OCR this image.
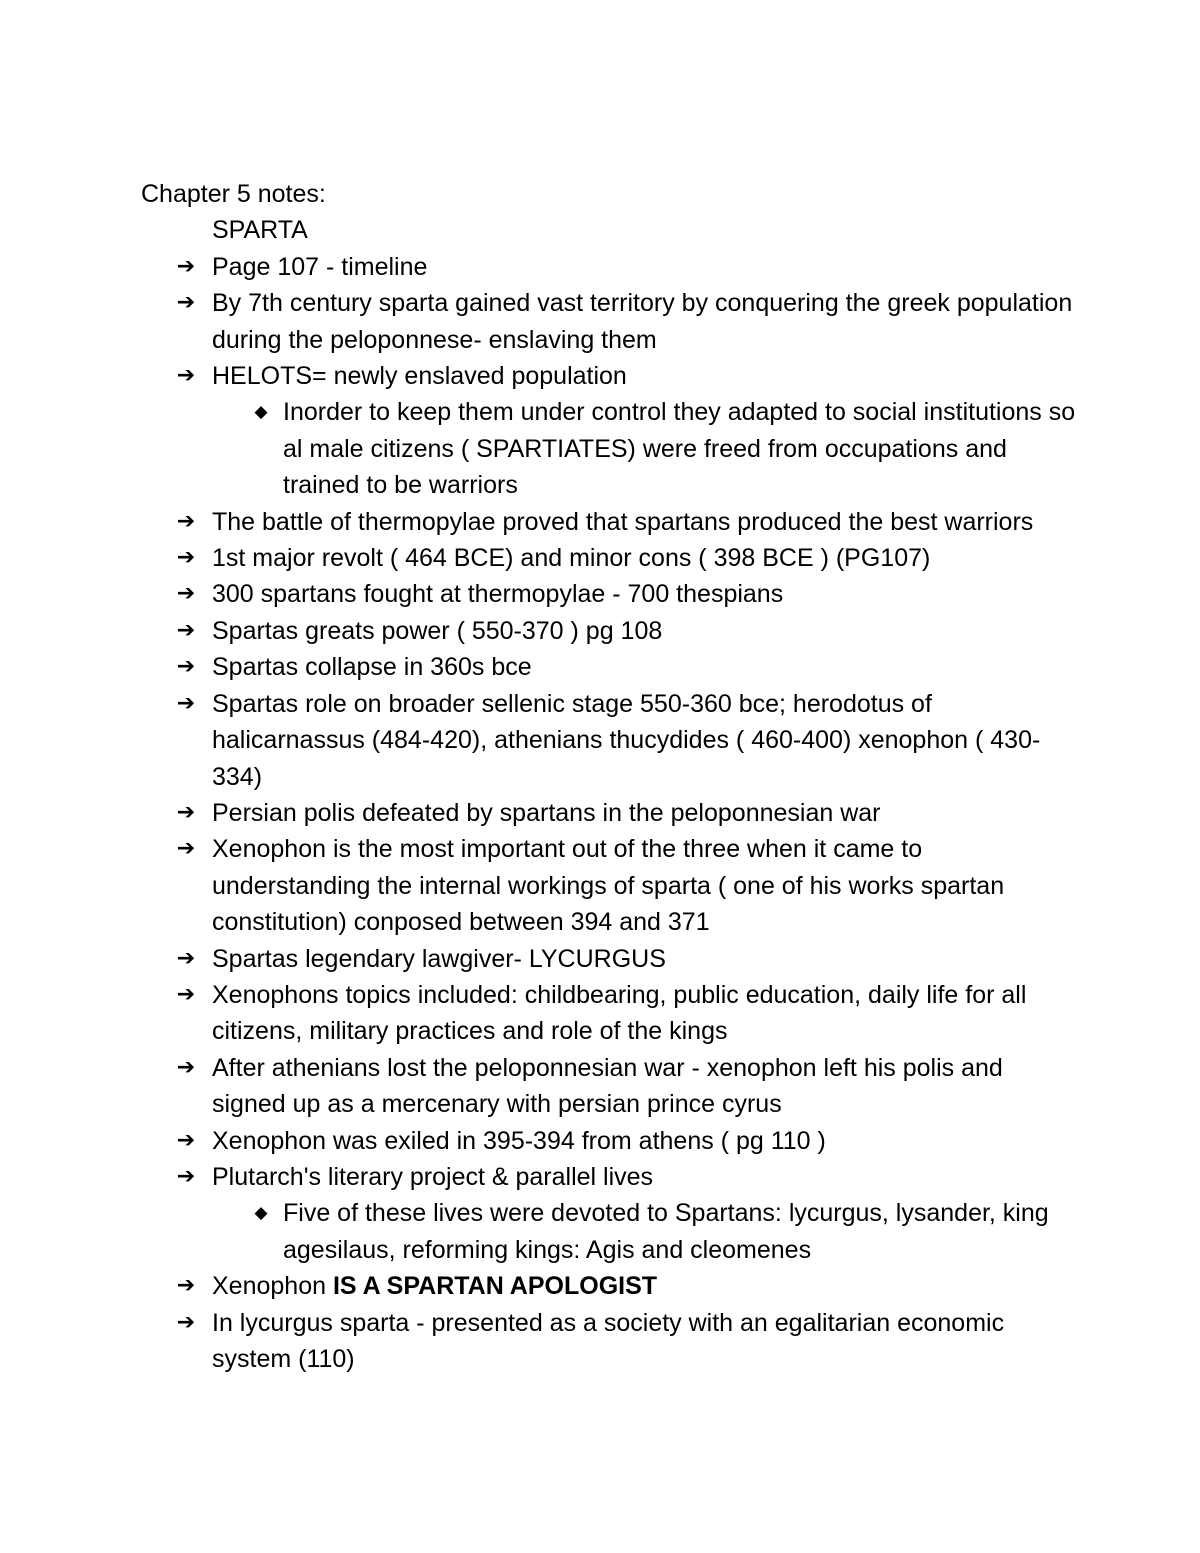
Chapter 5 notes:
SPARTA
➔ Page 107 - timeline
➔ By 7th century sparta gained vast territory by conquering the greek population during the peloponnese- enslaving them
➔ HELOTS= newly enslaved population
◆ Inorder to keep them under control they adapted to social institutions so al male citizens ( SPARTIATES) were freed from occupations and trained to be warriors
➔ The battle of thermopylae proved that spartans produced the best warriors
➔ 1st major revolt ( 464 BCE) and minor cons ( 398 BCE ) (PG107)
➔ 300 spartans fought at thermopylae - 700 thespians
➔ Spartas greats power ( 550-370 ) pg 108
➔ Spartas collapse in 360s bce
➔ Spartas role on broader sellenic stage 550-360 bce; herodotus of halicarnassus (484-420), athenians thucydides ( 460-400) xenophon ( 430-334)
➔ Persian polis defeated by spartans in the peloponnesian war
➔ Xenophon is the most important out of the three when it came to understanding the internal workings of sparta ( one of his works spartan constitution) conposed between 394 and 371
➔ Spartas legendary lawgiver- LYCURGUS
➔ Xenophons topics included: childbearing, public education, daily life for all citizens, military practices and role of the kings
➔ After athenians lost the peloponnesian war - xenophon left his polis and signed up as a mercenary with persian prince cyrus
➔ Xenophon was exiled in 395-394 from athens ( pg 110 )
➔ Plutarch's literary project & parallel lives
◆ Five of these lives were devoted to Spartans: lycurgus, lysander, king agesilaus, reforming kings: Agis and cleomenes
➔ Xenophon IS A SPARTAN APOLOGIST
➔ In lycurgus sparta - presented as a society with an egalitarian economic system (110)
